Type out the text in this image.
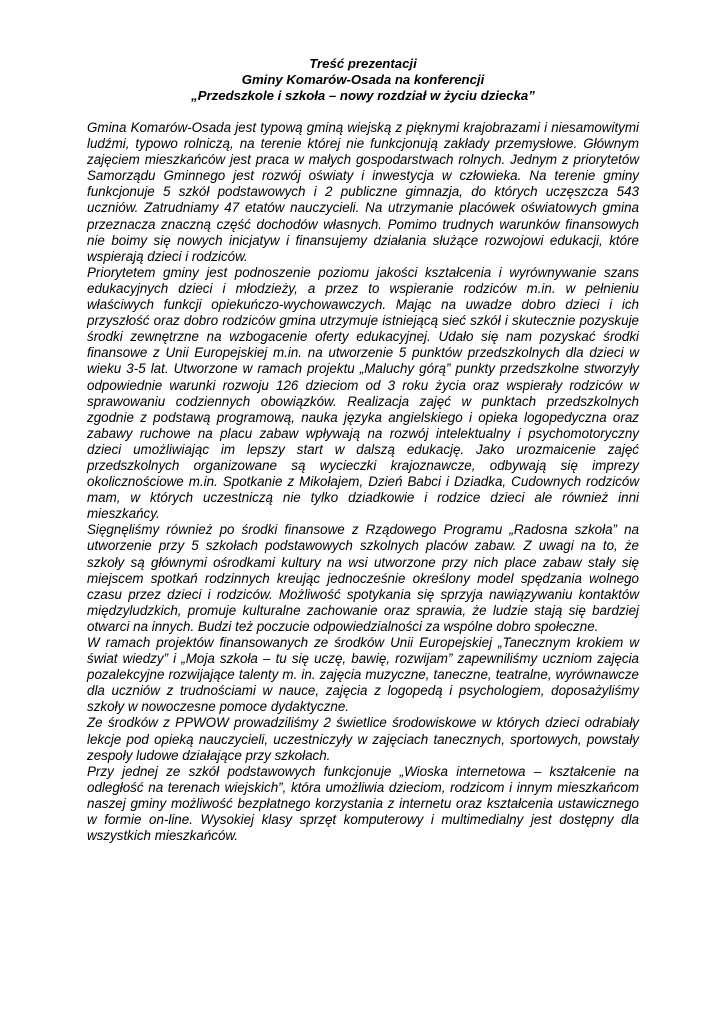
Treść prezentacji
Gminy Komarów-Osada na konferencji
„Przedszkole i szkoła – nowy rozdział w życiu dziecka”

Gmina Komarów-Osada jest typową gminą wiejską z pięknymi krajobrazami i niesamowitymi ludźmi, typowo rolniczą, na terenie której nie funkcjonują zakłady przemysłowe. Głównym zajęciem mieszkańców jest praca w małych gospodarstwach rolnych. Jednym z priorytetów Samorządu Gminnego jest rozwój oświaty i inwestycja w człowieka. Na terenie gminy funkcjonuje 5 szkół podstawowych i 2 publiczne gimnazja, do których uczęszcza 543 uczniów. Zatrudniamy 47 etatów nauczycieli. Na utrzymanie placówek oświatowych gmina przeznacza znaczną część dochodów własnych. Pomimo trudnych warunków finansowych nie boimy się nowych inicjatyw i finansujemy działania służące rozwojowi edukacji, które wspierają dzieci i rodziców.

Priorytetem gminy jest podnoszenie poziomu jakości kształcenia i wyrównywanie szans edukacyjnych dzieci i młodzieży, a przez to wspieranie rodziców m.in. w pełnieniu właściwych funkcji opiekuńczo-wychowawczych. Mając na uwadze dobro dzieci i ich przyszłość oraz dobro rodziców gmina utrzymuje istniejącą sieć szkół i skutecznie pozyskuje środki zewnętrzne na wzbogacenie oferty edukacyjnej. Udało się nam pozyskać środki finansowe z Unii Europejskiej m.in. na utworzenie 5 punktów przedszkolnych dla dzieci w wieku 3-5 lat. Utworzone w ramach projektu „Maluchy górą” punkty przedszkolne stworzyły odpowiednie warunki rozwoju 126 dzieciom od 3 roku życia oraz wspierały rodziców w sprawowaniu codziennych obowiązków. Realizacja zajęć w punktach przedszkolnych zgodnie z podstawą programową, nauka języka angielskiego i opieka logopedyczna oraz zabawy ruchowe na placu zabaw wpływają na rozwój intelektualny i psychomotoryczny dzieci umożliwiając im lepszy start w dalszą edukację. Jako urozmaicenie zajęć przedszkolnych organizowane są wycieczki krajoznawcze, odbywają się imprezy okolicznościowe m.in. Spotkanie z Mikołajem, Dzień Babci i Dziadka, Cudownych rodziców mam, w których uczestniczą nie tylko dziadkowie i rodzice dzieci ale również inni mieszkańcy.

Sięgnęliśmy również po środki finansowe z Rządowego Programu „Radosna szkoła” na utworzenie przy 5 szkołach podstawowych szkolnych placów zabaw. Z uwagi na to, że szkoły są głównymi ośrodkami kultury na wsi utworzone przy nich place zabaw stały się miejscem spotkań rodzinnych kreując jednocześnie określony model spędzania wolnego czasu przez dzieci i rodziców. Możliwość spotykania się sprzyja nawiązywaniu kontaktów międzyludzkich, promuje kulturalne zachowanie oraz sprawia, że ludzie stają się bardziej otwarci na innych. Budzi też poczucie odpowiedzialności za wspólne dobro społeczne.

W ramach projektów finansowanych ze środków Unii Europejskiej „Tanecznym krokiem w świat wiedzy” i „Moja szkoła – tu się uczę, bawię, rozwijam” zapewniliśmy uczniom zajęcia pozalekcyjne rozwijające talenty m. in. zajęcia muzyczne, taneczne, teatralne, wyrównawcze dla uczniów z trudnościami w nauce, zajęcia z logopedą i psychologiem, doposażyliśmy szkoły w nowoczesne pomoce dydaktyczne.

Ze środków z PPWOW prowadziliśmy 2 świetlice środowiskowe w których dzieci odrabiały lekcje pod opieką nauczycieli, uczestniczyły w zajęciach tanecznych, sportowych, powstały zespoły ludowe działające przy szkołach.

Przy jednej ze szkół podstawowych funkcjonuje „Wioska internetowa – kształcenie na odległość na terenach wiejskich”, która umożliwia dzieciom, rodzicom i innym mieszkańcom naszej gminy możliwość bezpłatnego korzystania z internetu oraz kształcenia ustawicznego w formie on-line. Wysokiej klasy sprzęt komputerowy i multimedialny jest dostępny dla wszystkich mieszkańców.
